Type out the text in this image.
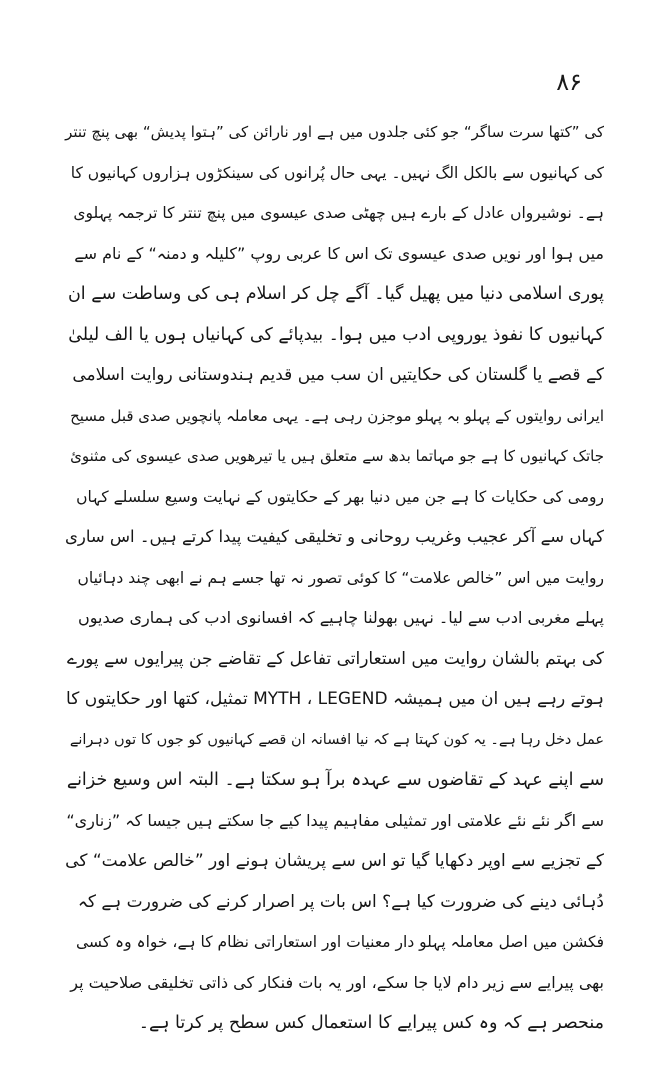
۸۶
کی ”کتھا سرت ساگر“ جو کئی جلدوں میں ہے اور نارائن کی ”ہتوا پدیش“ بھی پنچ تنتر
کی کہانیوں سے بالکل الگ نہیں۔ یہی حال پُرانوں کی سینکڑوں ہزاروں کہانیوں کا
ہے۔ نوشیرواں عادل کے بارے ہیں چھٹی صدی عیسوی میں پنچ تنتر کا ترجمہ پہلوی
میں ہوا اور نویں صدی عیسوی تک اس کا عربی روپ ”کلیلہ و دمنہ“ کے نام سے
پوری اسلامی دنیا میں پھیل گیا۔ آگے چل کر اسلام ہی کی وساطت سے ان
کہانیوں کا نفوذ یوروپی ادب میں ہوا۔ بیدپائے کی کہانیاں ہوں یا الف لیلیٰ
کے قصے یا گلستان کی حکایتیں ان سب میں قدیم ہندوستانی روایت اسلامی
ایرانی روایتوں کے پہلو بہ پہلو موجزن رہی ہے۔ یہی معاملہ پانچویں صدی قبل مسیح
جاتک کہانیوں کا ہے جو مہاتما بدھ سے متعلق ہیں یا تیرھویں صدی عیسوی کی مثنویٔ
رومی کی حکایات کا ہے جن میں دنیا بھر کے حکایتوں کے نہایت وسیع سلسلے کہاں
کہاں سے آکر عجیب وغریب روحانی و تخلیقی کیفیت پیدا کرتے ہیں۔ اس ساری
روایت میں اس ”خالص علامت“ کا کوئی تصور نہ تھا جسے ہم نے ابھی چند دہائیاں
پہلے مغربی ادب سے لیا۔ نہیں بھولنا چاہیے کہ افسانوی ادب کی ہماری صدیوں
کی بہتم بالشان روایت میں استعاراتی تفاعل کے تقاضے جن پیرایوں سے پورے
ہوتے رہے ہیں ان میں ہمیشہ MYTH ، LEGEND تمثیل، کتھا اور حکایتوں کا
عمل دخل رہا ہے۔ یہ کون کہتا ہے کہ نیا افسانہ ان قصے کہانیوں کو جوں کا توں دہرانے
سے اپنے عہد کے تقاضوں سے عہدہ برآ ہو سکتا ہے۔ البتہ اس وسیع خزانے
سے اگر نئے نئے علامتی اور تمثیلی مفاہیم پیدا کیے جا سکتے ہیں جیسا کہ ”زناری“
کے تجزیے سے اوپر دکھایا گیا تو اس سے پریشان ہونے اور ”خالص علامت“ کی
دُہائی دینے کی ضرورت کیا ہے؟ اس بات پر اصرار کرنے کی ضرورت ہے کہ
فکشن میں اصل معاملہ پہلو دار معنیات اور استعاراتی نظام کا ہے، خواہ وہ کسی
بھی پیرایے سے زیر دام لایا جا سکے، اور یہ بات فنکار کی ذاتی تخلیقی صلاحیت پر
منحصر ہے کہ وہ کس پیرایے کا استعمال کس سطح پر کرتا ہے۔
